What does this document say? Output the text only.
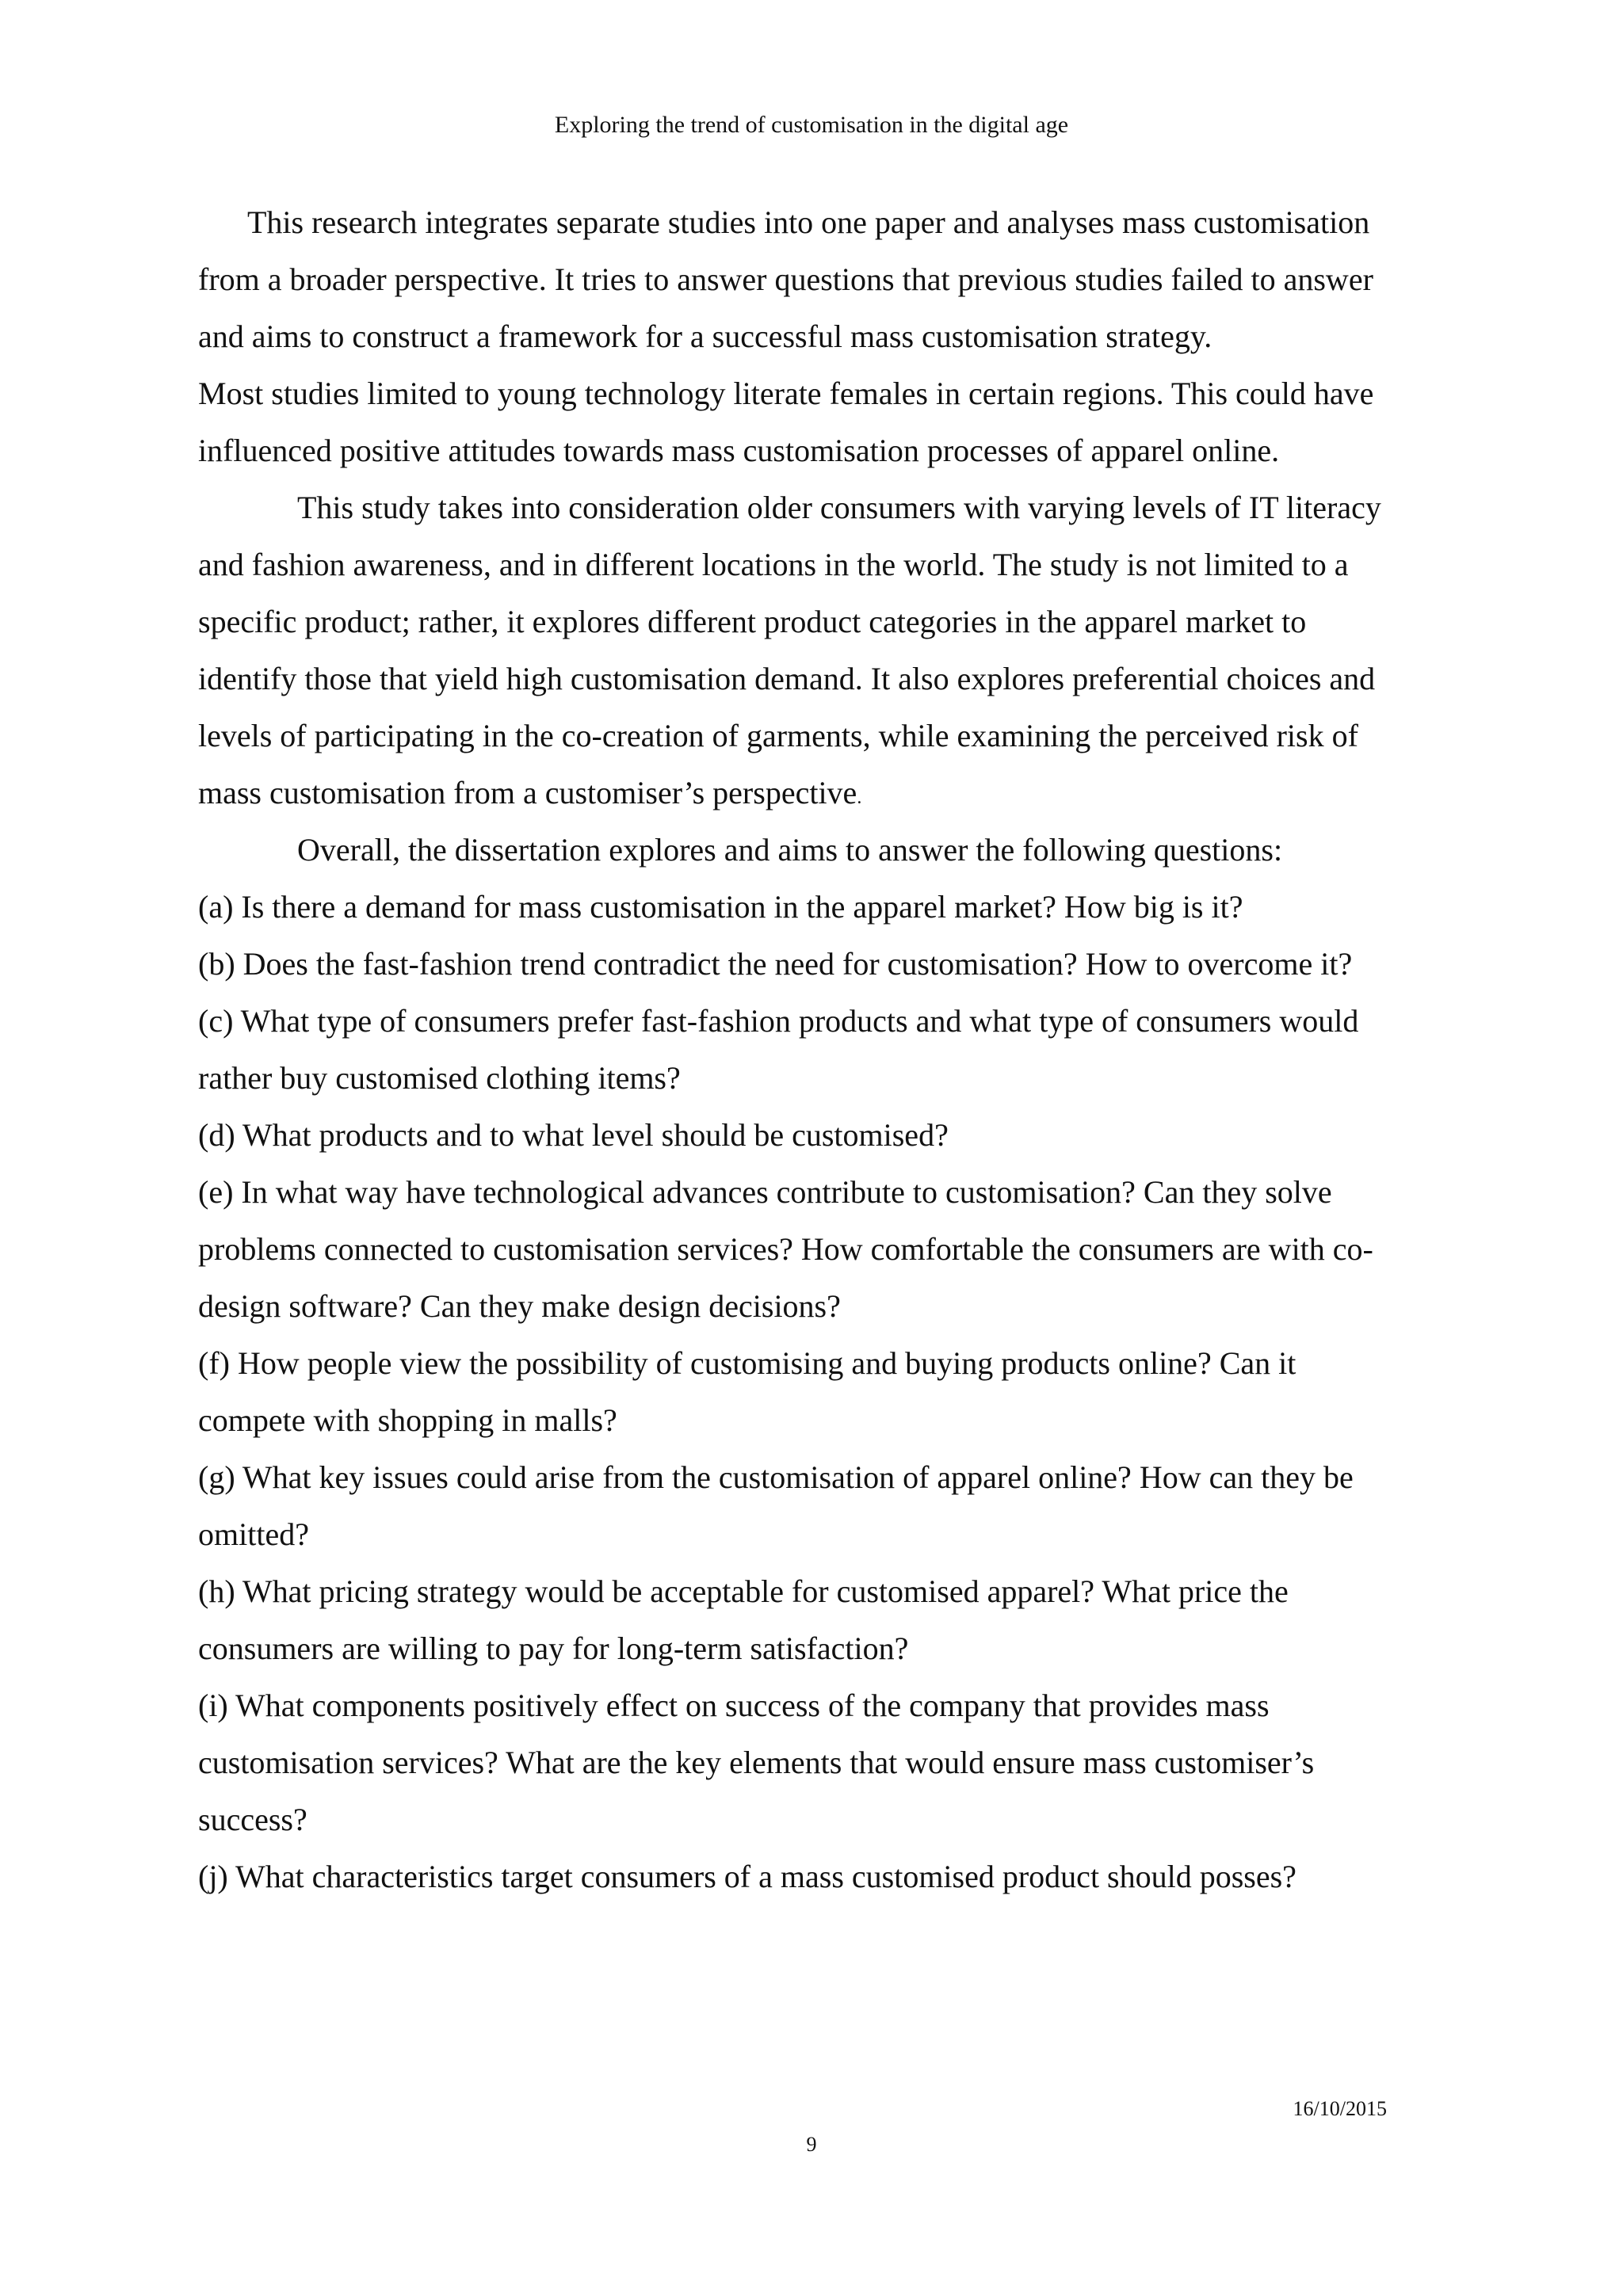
Exploring the trend of customisation in the digital age
This research integrates separate studies into one paper and analyses mass customisation
from a broader perspective. It tries to answer questions that previous studies failed to answer
and aims to construct a framework for a successful mass customisation strategy.
Most studies limited to young technology literate females in certain regions. This could have
influenced positive attitudes towards mass customisation processes of apparel online.
This study takes into consideration older consumers with varying levels of IT literacy
and fashion awareness, and in different locations in the world. The study is not limited to a
specific product; rather, it explores different product categories in the apparel market to
identify those that yield high customisation demand. It also explores preferential choices and
levels of participating in the co-creation of garments, while examining the perceived risk of
mass customisation from a customiser’s perspective.
Overall, the dissertation explores and aims to answer the following questions:
(a) Is there a demand for mass customisation in the apparel market? How big is it?
(b) Does the fast-fashion trend contradict the need for customisation? How to overcome it?
(c) What type of consumers prefer fast-fashion products and what type of consumers would
rather buy customised clothing items?
(d) What products and to what level should be customised?
(e) In what way have technological advances contribute to customisation? Can they solve
problems connected to customisation services? How comfortable the consumers are with co-
design software? Can they make design decisions?
(f) How people view the possibility of customising and buying products online? Can it
compete with shopping in malls?
(g) What key issues could arise from the customisation of apparel online? How can they be
omitted?
(h) What pricing strategy would be acceptable for customised apparel? What price the
consumers are willing to pay for long-term satisfaction?
(i) What components positively effect on success of the company that provides mass
customisation services? What are the key elements that would ensure mass customiser’s
success?
(j) What characteristics target consumers of a mass customised product should posses?
16/10/2015
9
